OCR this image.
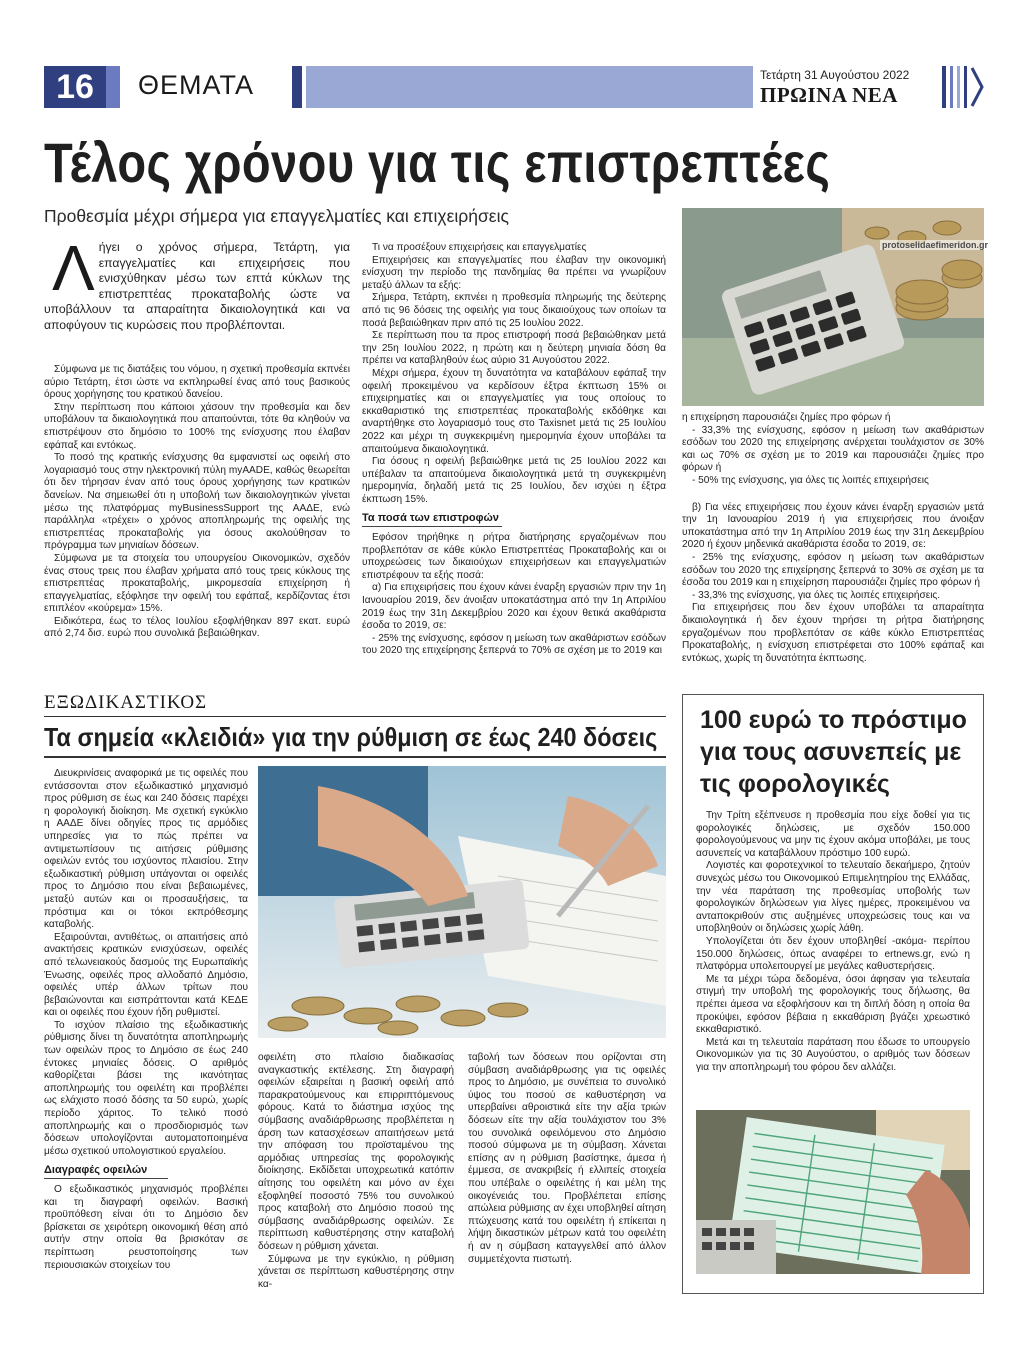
16	ΘΕΜΑΤΑ	Τετάρτη 31 Αυγούστου 2022
ΠΡΩΙΝΑ ΝΕΑ
Τέλος χρόνου για τις επιστρεπτέες
Προθεσμία μέχρι σήμερα για επαγγελματίες και επιχειρήσεις
Λήγει ο χρόνος σήμερα, Τετάρτη, για επαγγελματίες και επιχειρήσεις που ενισχύθηκαν μέσω των επτά κύκλων της επιστρεπτέας προκαταβολής ώστε να υποβάλλουν τα απαραίτητα δικαιολογητικά και να αποφύγουν τις κυρώσεις που προβλέπονται.

Σύμφωνα με τις διατάξεις του νόμου, η σχετική προθεσμία εκπνέει αύριο Τετάρτη, έτσι ώστε να εκπληρωθεί ένας από τους βασικούς όρους χορήγησης του κρατικού δανείου.

Στην περίπτωση που κάποιοι χάσουν την προθεσμία και δεν υποβάλουν τα δικαιολογητικά που απαιτούνται, τότε θα κληθούν να επιστρέψουν στο δημόσιο το 100% της ενίσχυσης που έλαβαν εφάπαξ και εντόκως.

Το ποσό της κρατικής ενίσχυσης θα εμφανιστεί ως οφειλή στο λογαριασμό τους στην ηλεκτρονική πύλη myAADE, καθώς θεωρείται ότι δεν τήρησαν έναν από τους όρους χορήγησης των κρατικών δανείων. Να σημειωθεί ότι η υποβολή των δικαιολογητικών γίνεται μέσω της πλατφόρμας myBusinessSupport της ΑΑΔΕ, ενώ παράλληλα «τρέχει» ο χρόνος αποπληρωμής της οφειλής της επιστρεπτέας προκαταβολής για όσους ακολούθησαν το πρόγραμμα των μηνιαίων δόσεων.

Σύμφωνα με τα στοιχεία του υπουργείου Οικονομικών, σχεδόν ένας στους τρεις που έλαβαν χρήματα από τους τρεις κύκλους της επιστρεπτέας προκαταβολής, μικρομεσαία επιχείρηση ή επαγγελματίας, εξόφλησε την οφειλή του εφάπαξ, κερδίζοντας έτσι επιπλέον «κούρεμα» 15%.

Ειδικότερα, έως το τέλος Ιουλίου εξοφλήθηκαν 897 εκατ. ευρώ από 2,74 δισ. ευρώ που συνολικά βεβαιώθηκαν.

Τι να προσέξουν επιχειρήσεις και επαγγελματίες

Επιχειρήσεις και επαγγελματίες που έλαβαν την οικονομική ενίσχυση την περίοδο της πανδημίας θα πρέπει να γνωρίζουν μεταξύ άλλων τα εξής:

Σήμερα, Τετάρτη, εκπνέει η προθεσμία πληρωμής της δεύτερης από τις 96 δόσεις της οφειλής για τους δικαιούχους των οποίων τα ποσά βεβαιώθηκαν πριν από τις 25 Ιουλίου 2022.

Σε περίπτωση που τα προς επιστροφή ποσά βεβαιώθηκαν μετά την 25η Ιουλίου 2022, η πρώτη και η δεύτερη μηνιαία δόση θα πρέπει να καταβληθούν έως αύριο 31 Αυγούστου 2022.

Μέχρι σήμερα, έχουν τη δυνατότητα να καταβάλουν εφάπαξ την οφειλή προκειμένου να κερδίσουν έξτρα έκπτωση 15% οι επιχειρηματίες και οι επαγγελματίες για τους οποίους το εκκαθαριστικό της επιστρεπτέας προκαταβολής εκδόθηκε και αναρτήθηκε στο λογαριασμό τους στο Taxisnet μετά τις 25 Ιουλίου 2022 και μέχρι τη συγκεκριμένη ημερομηνία έχουν υποβάλει τα απαιτούμενα δικαιολογητικά.

Για όσους η οφειλή βεβαιώθηκε μετά τις 25 Ιουλίου 2022 και υπέβαλαν τα απαιτούμενα δικαιολογητικά μετά τη συγκεκριμένη ημερομηνία, δηλαδή μετά τις 25 Ιουλίου, δεν ισχύει η έξτρα έκπτωση 15%.

Τα ποσά των επιστροφών

Εφόσον τηρήθηκε η ρήτρα διατήρησης εργαζομένων που προβλεπόταν σε κάθε κύκλο Επιστρεπτέας Προκαταβολής και οι υποχρεώσεις των δικαιούχων επιχειρήσεων και επαγγελματιών επιστρέφουν τα εξής ποσά:

α) Για επιχειρήσεις που έχουν κάνει έναρξη εργασιών πριν την 1η Ιανουαρίου 2019, δεν άνοιξαν υποκατάστημα από την 1η Απριλίου 2019 έως την 31η Δεκεμβρίου 2020 και έχουν θετικά ακαθάριστα έσοδα το 2019, σε:

- 25% της ενίσχυσης, εφόσον η μείωση των ακαθάριστων εσόδων του 2020 της επιχείρησης ξεπερνά το 70% σε σχέση με το 2019 και

protoselidaefimeridon.gr

η επιχείρηση παρουσιάζει ζημίες προ φόρων ή

- 33,3% της ενίσχυσης, εφόσον η μείωση των ακαθάριστων εσόδων του 2020 της επιχείρησης ανέρχεται τουλάχιστον σε 30% και ως 70% σε σχέση με το 2019 και παρουσιάζει ζημίες προ φόρων ή

- 50% της ενίσχυσης, για όλες τις λοιπές επιχειρήσεις

β) Για νέες επιχειρήσεις που έχουν κάνει έναρξη εργασιών μετά την 1η Ιανουαρίου 2019 ή για επιχειρήσεις που άνοιξαν υποκατάστημα από την 1η Απριλίου 2019 έως την 31η Δεκεμβρίου 2020 ή έχουν μηδενικά ακαθάριστα έσοδα το 2019, σε:

- 25% της ενίσχυσης, εφόσον η μείωση των ακαθάριστων εσόδων του 2020 της επιχείρησης ξεπερνά το 30% σε σχέση με τα έσοδα του 2019 και η επιχείρηση παρουσιάζει ζημίες προ φόρων ή

- 33,3% της ενίσχυσης, για όλες τις λοιπές επιχειρήσεις.

Για επιχειρήσεις που δεν έχουν υποβάλει τα απαραίτητα δικαιολογητικά ή δεν έχουν τηρήσει τη ρήτρα διατήρησης εργαζομένων που προβλεπόταν σε κάθε κύκλο Επιστρεπτέας Προκαταβολής, η ενίσχυση επιστρέφεται στο 100% εφάπαξ και εντόκως, χωρίς τη δυνατότητα έκπτωσης.

ΕΞΩΔΙΚΑΣΤΙΚΟΣ
Τα σημεία «κλειδιά» για την ρύθμιση σε έως 240 δόσεις

Διευκρινίσεις αναφορικά με τις οφειλές που εντάσσονται στον εξωδικαστικό μηχανισμό προς ρύθμιση σε έως και 240 δόσεις παρέχει η φορολογική διοίκηση. Με σχετική εγκύκλιο η ΑΑΔΕ δίνει οδηγίες προς τις αρμόδιες υπηρεσίες για το πώς πρέπει να αντιμετωπίσουν τις αιτήσεις ρύθμισης οφειλών εντός του ισχύοντος πλαισίου. Στην εξωδικαστική ρύθμιση υπάγονται οι οφειλές προς το Δημόσιο που είναι βεβαιωμένες, μεταξύ αυτών και οι προσαυξήσεις, τα πρόστιμα και οι τόκοι εκπρόθεσμης καταβολής.

Εξαιρούνται, αντιθέτως, οι απαιτήσεις από ανακτήσεις κρατικών ενισχύσεων, οφειλές από τελωνειακούς δασμούς της Ευρωπαϊκής Ένωσης, οφειλές προς αλλοδαπό Δημόσιο, οφειλές υπέρ άλλων τρίτων που βεβαιώνονται και εισπράττονται κατά ΚΕΔΕ και οι οφειλές που έχουν ήδη ρυθμιστεί.

Το ισχύον πλαίσιο της εξωδικαστικής ρύθμισης δίνει τη δυνατότητα αποπληρωμής των οφειλών προς το Δημόσιο σε έως 240 έντοκες μηνιαίες δόσεις. Ο αριθμός καθορίζεται βάσει της ικανότητας αποπληρωμής του οφειλέτη και προβλέπει ως ελάχιστο ποσό δόσης τα 50 ευρώ, χωρίς περίοδο χάριτος. Το τελικό ποσό αποπληρωμής και ο προσδιορισμός των δόσεων υπολογίζονται αυτοματοποιημένα μέσω σχετικού υπολογιστικού εργαλείου.

Διαγραφές οφειλών

Ο εξωδικαστικός μηχανισμός προβλέπει και τη διαγραφή οφειλών. Βασική προϋπόθεση είναι ότι το Δημόσιο δεν βρίσκεται σε χειρότερη οικονομική θέση από αυτήν στην οποία θα βρισκόταν σε περίπτωση ρευστοποίησης των περιουσιακών στοιχείων του

οφειλέτη στο πλαίσιο διαδικασίας αναγκαστικής εκτέλεσης. Στη διαγραφή οφειλών εξαιρείται η βασική οφειλή από παρακρατούμενους και επιρριπτόμενους φόρους. Κατά το διάστημα ισχύος της σύμβασης αναδιάρθρωσης προβλέπεται η άρση των κατασχέσεων απαιτήσεων μετά την απόφαση του προϊσταμένου της αρμόδιας υπηρεσίας της φορολογικής διοίκησης. Εκδίδεται υποχρεωτικά κατόπιν αίτησης του οφειλέτη και μόνο αν έχει εξοφληθεί ποσοστό 75% του συνολικού προς καταβολή στο Δημόσιο ποσού της σύμβασης αναδιάρθρωσης οφειλών. Σε περίπτωση καθυστέρησης στην καταβολή δόσεων η ρύθμιση χάνεται.

Σύμφωνα με την εγκύκλιο, η ρύθμιση χάνεται σε περίπτωση καθυστέρησης στην κα-

ταβολή των δόσεων που ορίζονται στη σύμβαση αναδιάρθρωσης για τις οφειλές προς το Δημόσιο, με συνέπεια το συνολικό ύψος του ποσού σε καθυστέρηση να υπερβαίνει αθροιστικά είτε την αξία τριών δόσεων είτε την αξία τουλάχιστον του 3% του συνολικά οφειλόμενου στο Δημόσιο ποσού σύμφωνα με τη σύμβαση. Χάνεται επίσης αν η ρύθμιση βασίστηκε, άμεσα ή έμμεσα, σε ανακριβείς ή ελλιπείς στοιχεία που υπέβαλε ο οφειλέτης ή και μέλη της οικογένειάς του. Προβλέπεται επίσης απώλεια ρύθμισης αν έχει υποβληθεί αίτηση πτώχευσης κατά του οφειλέτη ή επίκειται η λήψη δικαστικών μέτρων κατά του οφειλέτη ή αν η σύμβαση καταγγελθεί από άλλον συμμετέχοντα πιστωτή.

100 ευρώ το πρόστιμο για τους ασυνεπείς με τις φορολογικές

Την Τρίτη εξέπνευσε η προθεσμία που είχε δοθεί για τις φορολογικές δηλώσεις, με σχεδόν 150.000 φορολογούμενους να μην τις έχουν ακόμα υποβάλει, με τους ασυνεπείς να καταβάλλουν πρόστιμο 100 ευρώ.

Λογιστές και φοροτεχνικοί το τελευταίο δεκαήμερο, ζητούν συνεχώς μέσω του Οικονομικού Επιμελητηρίου της Ελλάδας, την νέα παράταση της προθεσμίας υποβολής των φορολογικών δηλώσεων για λίγες ημέρες, προκειμένου να ανταποκριθούν στις αυξημένες υποχρεώσεις τους και να υποβληθούν οι δηλώσεις χωρίς λάθη.

Υπολογίζεται ότι δεν έχουν υποβληθεί -ακόμα- περίπου 150.000 δηλώσεις, όπως αναφέρει το ertnews.gr, ενώ η πλατφόρμα υπολειτουργεί με μεγάλες καθυστερήσεις.

Με τα μέχρι τώρα δεδομένα, όσοι άφησαν για τελευταία στιγμή την υποβολή της φορολογικής τους δήλωσης, θα πρέπει άμεσα να εξοφλήσουν και τη διπλή δόση η οποία θα προκύψει, εφόσον βέβαια η εκκαθάριση βγάζει χρεωστικό εκκαθαριστικό.

Μετά και τη τελευταία παράταση που έδωσε το υπουργείο Οικονομικών για τις 30 Αυγούστου, ο αριθμός των δόσεων για την αποπληρωμή του φόρου δεν αλλάζει.
